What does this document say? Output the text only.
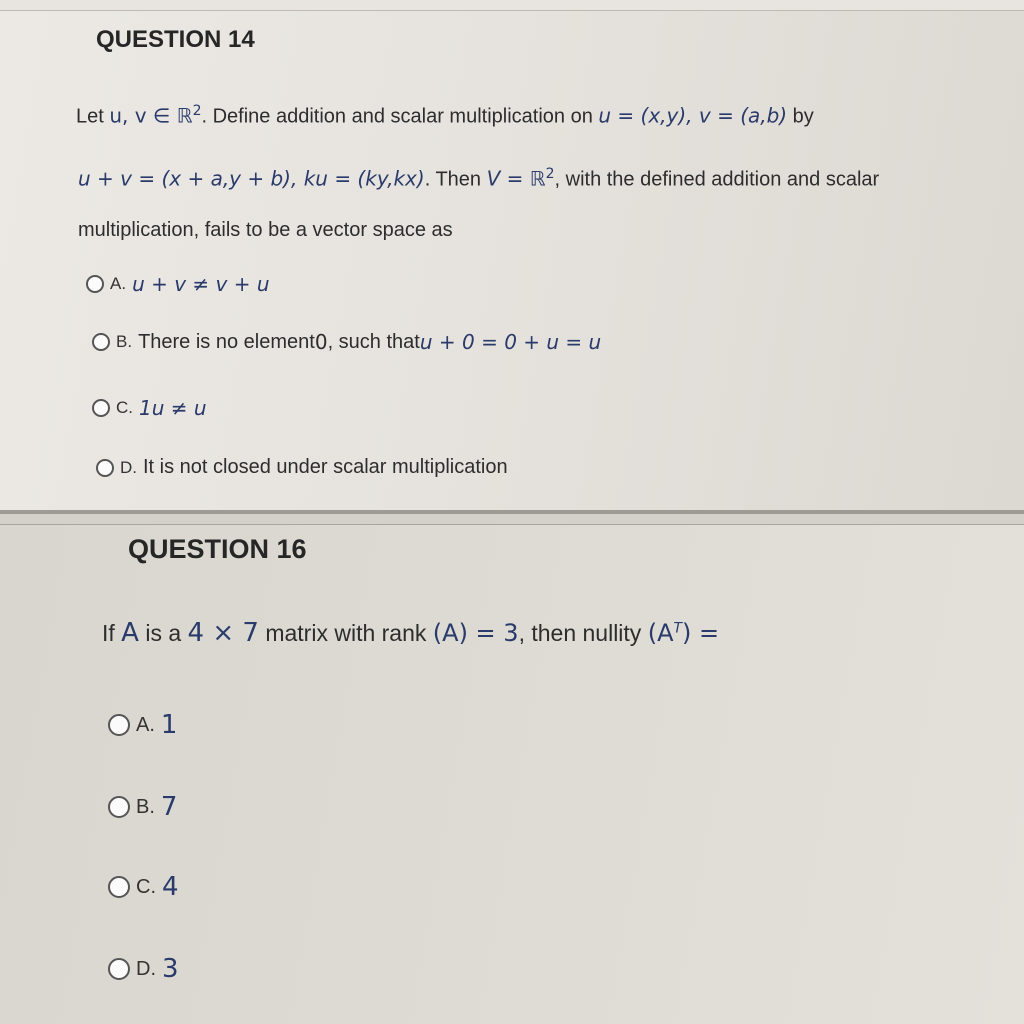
QUESTION 14
Let u, v ∈ ℝ$^2$. Define addition and scalar multiplication on u = (x,y), v = (a,b) by
u + v = (x + a,y + b), ku = (ky,kx). Then V = ℝ$^2$, with the defined addition and scalar
multiplication, fails to be a vector space as
A. u + v ≠ v + u
B. There is no element 0 , such that u + 0 = 0 + u = u
C. 1u ≠ u
D. It is not closed under scalar multiplication
QUESTION 16
If A is a 4 × 7 matrix with rank (A) = 3, then nullity $(A^T)$ =
A. 1
B. 7
C. 4
D. 3
